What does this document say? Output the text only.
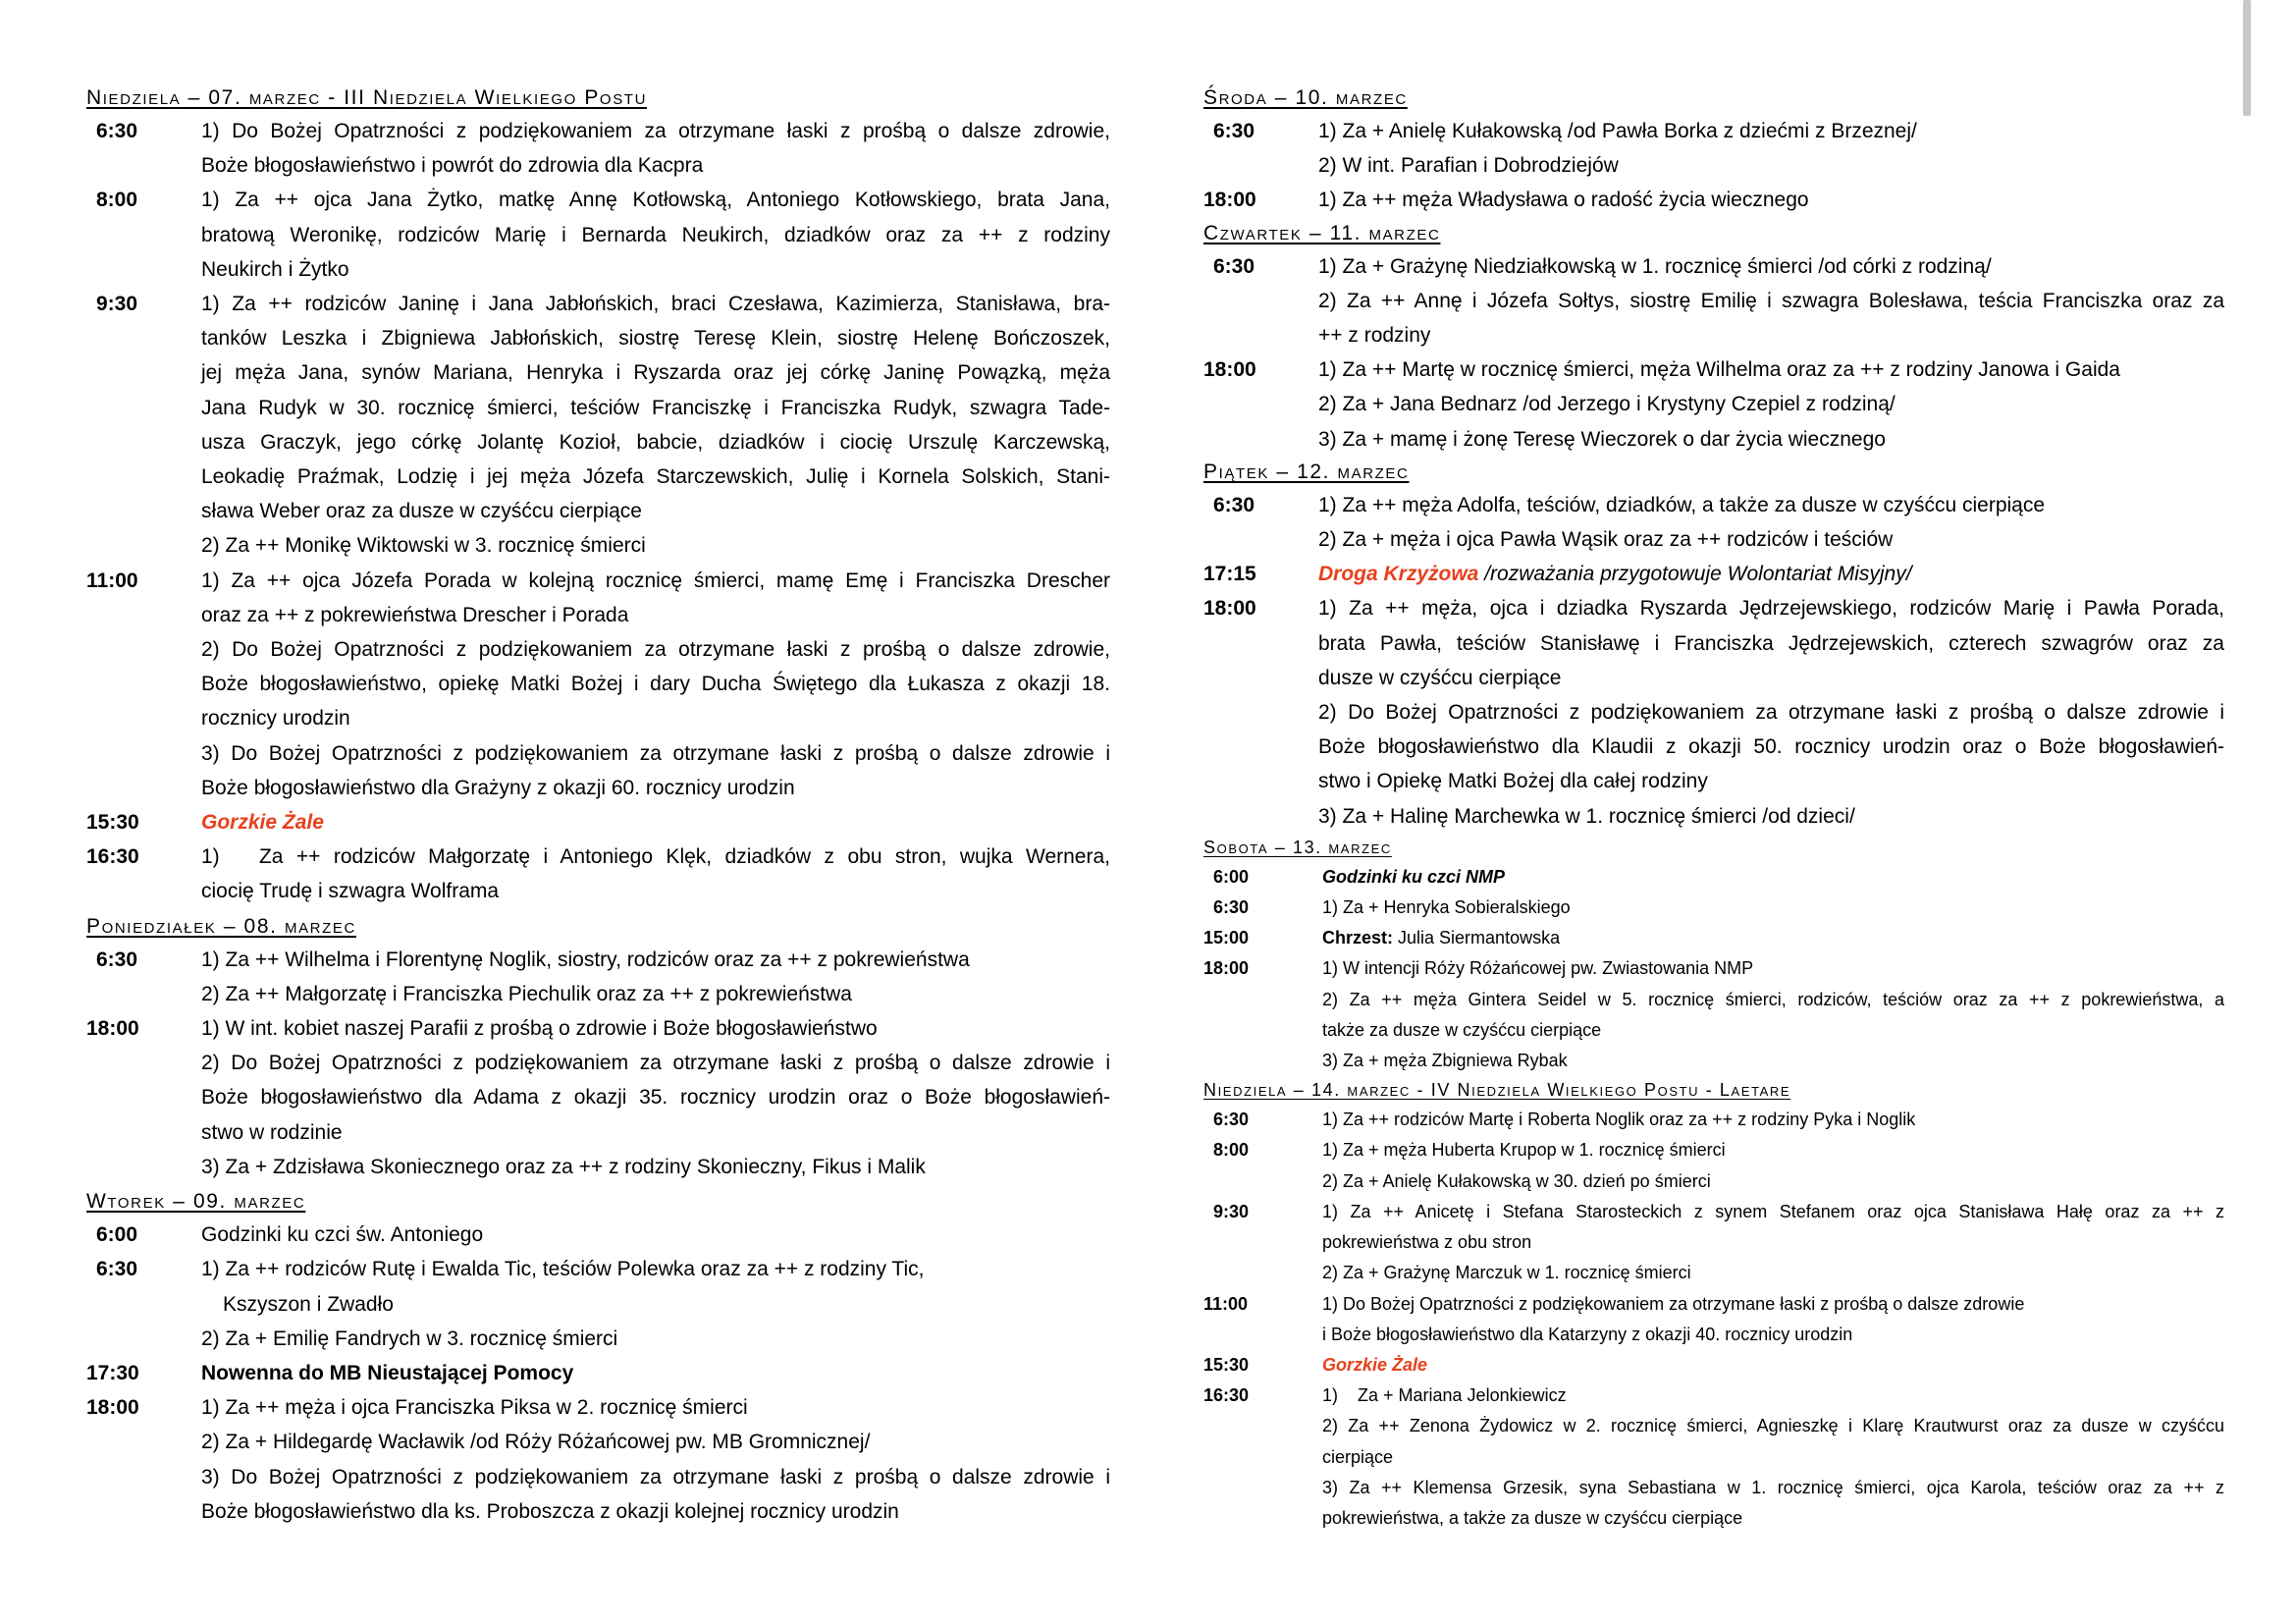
Niedziela – 07. marzec - III Niedziela Wielkiego Postu
6:30	1) Do Bożej Opatrzności z podziękowaniem za otrzymane łaski z prośbą o dalsze zdrowie,
Boże błogosławieństwo i powrót do zdrowia dla Kacpra
8:00	1) Za ++ ojca Jana Żytko, matkę Annę Kotłowską, Antoniego Kotłowskiego, brata Jana,
bratową Weronikę, rodziców Marię i Bernarda Neukirch, dziadków oraz za ++ z rodziny
Neukirch i Żytko
9:30	1) Za ++ rodziców Janinę i Jana Jabłońskich, braci Czesława, Kazimierza, Stanisława, bra-
tanków Leszka i Zbigniewa Jabłońskich, siostrę Teresę Klein, siostrę Helenę Bończoszek,
jej męża Jana, synów Mariana, Henryka i Ryszarda oraz jej córkę Janinę Powązką, męża
Jana Rudyk w 30. rocznicę śmierci, teściów Franciszkę i Franciszka Rudyk, szwagra Tade-
usza Graczyk, jego córkę Jolantę Kozioł, babcie, dziadków i ciocię Urszulę Karczewską,
Leokadię Praźmak, Lodzię i jej męża Józefa Starczewskich, Julię i Kornela Solskich, Stani-
sława Weber oraz za dusze w czyśćcu cierpiące
2) Za ++ Monikę Wiktowski w 3. rocznicę śmierci
11:00	1) Za ++ ojca Józefa Porada w kolejną rocznicę śmierci, mamę Emę i Franciszka Drescher
oraz za ++ z pokrewieństwa Drescher i Porada
2) Do Bożej Opatrzności z podziękowaniem za otrzymane łaski z prośbą o dalsze zdrowie,
Boże błogosławieństwo, opiekę Matki Bożej i dary Ducha Świętego dla Łukasza z okazji 18.
rocznicy urodzin
3) Do Bożej Opatrzności z podziękowaniem za otrzymane łaski z prośbą o dalsze zdrowie i
Boże błogosławieństwo dla Grażyny z okazji 60. rocznicy urodzin
15:30	Gorzkie Żale
16:30	1)   Za ++ rodziców Małgorzatę i Antoniego Klęk, dziadków z obu stron, wujka Wernera,
ciocię Trudę i szwagra Wolframa
Poniedziałek – 08. marzec
6:30	1) Za ++ Wilhelma i Florentynę Noglik, siostry, rodziców oraz za ++ z pokrewieństwa
2) Za ++ Małgorzatę i Franciszka Piechulik oraz za ++ z pokrewieństwa
18:00	1) W int. kobiet naszej Parafii z prośbą o zdrowie i Boże błogosławieństwo
2) Do Bożej Opatrzności z podziękowaniem za otrzymane łaski z prośbą o dalsze zdrowie i
Boże błogosławieństwo dla Adama z okazji 35. rocznicy urodzin oraz o Boże błogosławień-
stwo w rodzinie
3) Za + Zdzisława Skoniecznego oraz za ++ z rodziny Skonieczny, Fikus i Malik
Wtorek – 09. marzec
6:00	Godzinki ku czci św. Antoniego
6:30	1) Za ++ rodziców Rutę i Ewalda Tic, teściów Polewka oraz za ++ z rodziny Tic,
Kszyszon i Zwadło
2) Za + Emilię Fandrych w 3. rocznicę śmierci
17:30	Nowenna do MB Nieustającej Pomocy
18:00	1) Za ++ męża i ojca Franciszka Piksa w 2. rocznicę śmierci
2) Za + Hildegardę Wacławik /od Róży Różańcowej pw. MB Gromnicznej/
3) Do Bożej Opatrzności z podziękowaniem za otrzymane łaski z prośbą o dalsze zdrowie i
Boże błogosławieństwo dla ks. Proboszcza z okazji kolejnej rocznicy urodzin
Środa – 10. marzec
6:30	1) Za + Anielę Kułakowską /od Pawła Borka z dziećmi z Brzeznej/
2) W int. Parafian i Dobrodziejów
18:00	1) Za ++ męża Władysława o radość życia wiecznego
Czwartek – 11. marzec
6:30	1) Za + Grażynę Niedziałkowską w 1. rocznicę śmierci /od córki z rodziną/
2) Za ++ Annę i Józefa Sołtys, siostrę Emilię i szwagra Bolesława, teścia Franciszka oraz za
++ z rodziny
18:00	1) Za ++ Martę w rocznicę śmierci, męża Wilhelma oraz za ++ z rodziny Janowa i Gaida
2) Za + Jana Bednarz /od Jerzego i Krystyny Czepiel z rodziną/
3) Za + mamę i żonę Teresę Wieczorek o dar życia wiecznego
Piątek – 12. marzec
6:30	1) Za ++ męża Adolfa, teściów, dziadków, a także za dusze w czyśćcu cierpiące
2) Za + męża i ojca Pawła Wąsik oraz za ++ rodziców i teściów
17:15	Droga Krzyżowa /rozważania przygotowuje Wolontariat Misyjny/
18:00	1) Za ++ męża, ojca i dziadka Ryszarda Jędrzejewskiego, rodziców Marię i Pawła Porada,
brata Pawła, teściów Stanisławę i Franciszka Jędrzejewskich, czterech szwagrów oraz za
dusze w czyśćcu cierpiące
2) Do Bożej Opatrzności z podziękowaniem za otrzymane łaski z prośbą o dalsze zdrowie i
Boże błogosławieństwo dla Klaudii z okazji 50. rocznicy urodzin oraz o Boże błogosławień-
stwo i Opiekę Matki Bożej dla całej rodziny
3) Za + Halinę Marchewka w 1. rocznicę śmierci /od dzieci/
Sobota – 13. marzec
6:00	Godzinki ku czci NMP
6:30	1) Za + Henryka Sobieralskiego
15:00	Chrzest: Julia Siermantowska
18:00	1) W intencji Róży Różańcowej pw. Zwiastowania NMP
2) Za ++ męża Gintera Seidel w 5. rocznicę śmierci, rodziców, teściów oraz za ++ z pokrewieństwa, a
także za dusze w czyśćcu cierpiące
3) Za + męża Zbigniewa Rybak
Niedziela – 14. marzec - IV Niedziela Wielkiego Postu - Laetare
6:30	1) Za ++ rodziców Martę i Roberta Noglik oraz za ++ z rodziny Pyka i Noglik
8:00	1) Za + męża Huberta Krupop w 1. rocznicę śmierci
2) Za + Anielę Kułakowską w 30. dzień po śmierci
9:30	1) Za ++ Anicetę i Stefana Starosteckich z synem Stefanem oraz ojca Stanisława Hałę oraz za ++ z
pokrewieństwa z obu stron
2) Za + Grażynę Marczuk w 1. rocznicę śmierci
11:00	1) Do Bożej Opatrzności z podziękowaniem za otrzymane łaski z prośbą o dalsze zdrowie
i Boże błogosławieństwo dla Katarzyny z okazji 40. rocznicy urodzin
15:30	Gorzkie Żale
16:30	1)    Za + Mariana Jelonkiewicz
2) Za ++ Zenona Żydowicz w 2. rocznicę śmierci, Agnieszkę i Klarę Krautwurst oraz za dusze w czyśćcu
cierpiące
3) Za ++ Klemensa Grzesik, syna Sebastiana w 1. rocznicę śmierci, ojca Karola, teściów oraz za ++ z
pokrewieństwa, a także za dusze w czyśćcu cierpiące
